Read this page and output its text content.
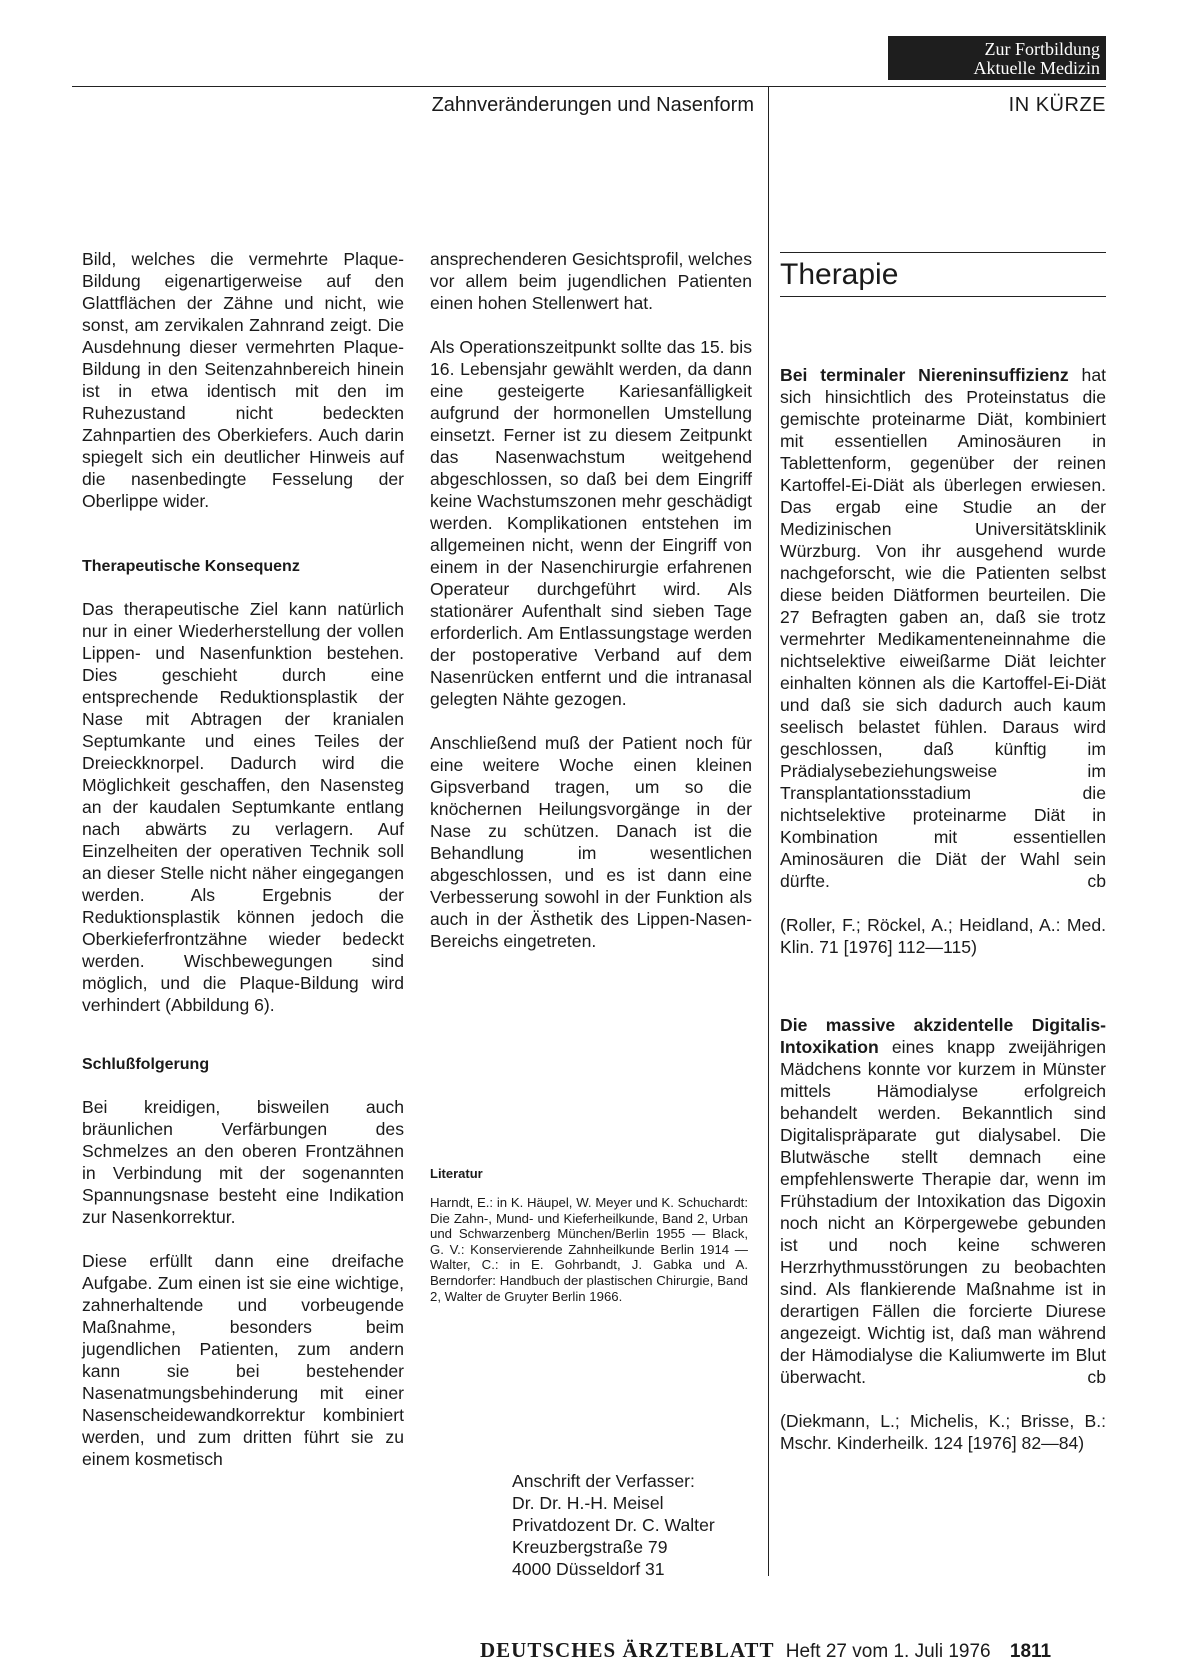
Zur Fortbildung
Aktuelle Medizin
Zahnveränderungen und Nasenform	IN KÜRZE

Bild, welches die vermehrte Plaque-Bildung eigenartigerweise auf den Glattflächen der Zähne und nicht, wie sonst, am zervikalen Zahnrand zeigt. Die Ausdehnung dieser vermehrten Plaque-Bildung in den Seitenzahnbereich hinein ist in etwa identisch mit den im Ruhezustand nicht bedeckten Zahnpartien des Oberkiefers. Auch darin spiegelt sich ein deutlicher Hinweis auf die nasenbedingte Fesselung der Oberlippe wider.

Therapeutische Konsequenz

Das therapeutische Ziel kann natürlich nur in einer Wiederherstellung der vollen Lippen- und Nasenfunktion bestehen. Dies geschieht durch eine entsprechende Reduktionsplastik der Nase mit Abtragen der kranialen Septumkante und eines Teiles der Dreieckknorpel. Dadurch wird die Möglichkeit geschaffen, den Nasensteg an der kaudalen Septumkante entlang nach abwärts zu verlagern. Auf Einzelheiten der operativen Technik soll an dieser Stelle nicht näher eingegangen werden. Als Ergebnis der Reduktionsplastik können jedoch die Oberkieferfrontzähne wieder bedeckt werden. Wischbewegungen sind möglich, und die Plaque-Bildung wird verhindert (Abbildung 6).

Schlußfolgerung

Bei kreidigen, bisweilen auch bräunlichen Verfärbungen des Schmelzes an den oberen Frontzähnen in Verbindung mit der sogenannten Spannungsnase besteht eine Indikation zur Nasenkorrektur.

Diese erfüllt dann eine dreifache Aufgabe. Zum einen ist sie eine wichtige, zahnerhaltende und vorbeugende Maßnahme, besonders beim jugendlichen Patienten, zum andern kann sie bei bestehender Nasenatmungsbehinderung mit einer Nasenscheidewandkorrektur kombiniert werden, und zum dritten führt sie zu einem kosmetisch

ansprechenderen Gesichtsprofil, welches vor allem beim jugendlichen Patienten einen hohen Stellenwert hat.

Als Operationszeitpunkt sollte das 15. bis 16. Lebensjahr gewählt werden, da dann eine gesteigerte Kariesanfälligkeit aufgrund der hormonellen Umstellung einsetzt. Ferner ist zu diesem Zeitpunkt das Nasenwachstum weitgehend abgeschlossen, so daß bei dem Eingriff keine Wachstumszonen mehr geschädigt werden. Komplikationen entstehen im allgemeinen nicht, wenn der Eingriff von einem in der Nasenchirurgie erfahrenen Operateur durchgeführt wird. Als stationärer Aufenthalt sind sieben Tage erforderlich. Am Entlassungstage werden der postoperative Verband auf dem Nasenrücken entfernt und die intranasal gelegten Nähte gezogen.

Anschließend muß der Patient noch für eine weitere Woche einen kleinen Gipsverband tragen, um so die knöchernen Heilungsvorgänge in der Nase zu schützen. Danach ist die Behandlung im wesentlichen abgeschlossen, und es ist dann eine Verbesserung sowohl in der Funktion als auch in der Ästhetik des Lippen-Nasen-Bereichs eingetreten.

Literatur
Harndt, E.: in K. Häupel, W. Meyer und K. Schuchardt: Die Zahn-, Mund- und Kieferheilkunde, Band 2, Urban und Schwarzenberg München/Berlin 1955 — Black, G. V.: Konservierende Zahnheilkunde Berlin 1914 — Walter, C.: in E. Gohrbandt, J. Gabka und A. Berndorfer: Handbuch der plastischen Chirurgie, Band 2, Walter de Gruyter Berlin 1966.
Anschrift der Verfasser:
Dr. Dr. H.-H. Meisel
Privatdozent Dr. C. Walter
Kreuzbergstraße 79
4000 Düsseldorf 31
Therapie

Bei terminaler Niereninsuffizienz hat sich hinsichtlich des Proteinstatus die gemischte proteinarme Diät, kombiniert mit essentiellen Aminosäuren in Tablettenform, gegenüber der reinen Kartoffel-Ei-Diät als überlegen erwiesen. Das ergab eine Studie an der Medizinischen Universitätsklinik Würzburg. Von ihr ausgehend wurde nachgeforscht, wie die Patienten selbst diese beiden Diätformen beurteilen. Die 27 Befragten gaben an, daß sie trotz vermehrter Medikamenteneinnahme die nichtselektive eiweißarme Diät leichter einhalten können als die Kartoffel-Ei-Diät und daß sie sich dadurch auch kaum seelisch belastet fühlen. Daraus wird geschlossen, daß künftig im Prädialysebeziehungsweise im Transplantationsstadium die nichtselektive proteinarme Diät in Kombination mit essentiellen Aminosäuren die Diät der Wahl sein dürfte.	cb

(Roller, F.; Röckel, A.; Heidland, A.: Med. Klin. 71 [1976] 112—115)

Die massive akzidentelle Digitalis-Intoxikation eines knapp zweijährigen Mädchens konnte vor kurzem in Münster mittels Hämodialyse erfolgreich behandelt werden. Bekanntlich sind Digitalispräparate gut dialysabel. Die Blutwäsche stellt demnach eine empfehlenswerte Therapie dar, wenn im Frühstadium der Intoxikation das Digoxin noch nicht an Körpergewebe gebunden ist und noch keine schweren Herzrhythmusstörungen zu beobachten sind. Als flankierende Maßnahme ist in derartigen Fällen die forcierte Diurese angezeigt. Wichtig ist, daß man während der Hämodialyse die Kaliumwerte im Blut überwacht.	cb

(Diekmann, L.; Michelis, K.; Brisse, B.: Mschr. Kinderheilk. 124 [1976] 82—84)

DEUTSCHES ÄRZTEBLATT Heft 27 vom 1. Juli 1976 1811
